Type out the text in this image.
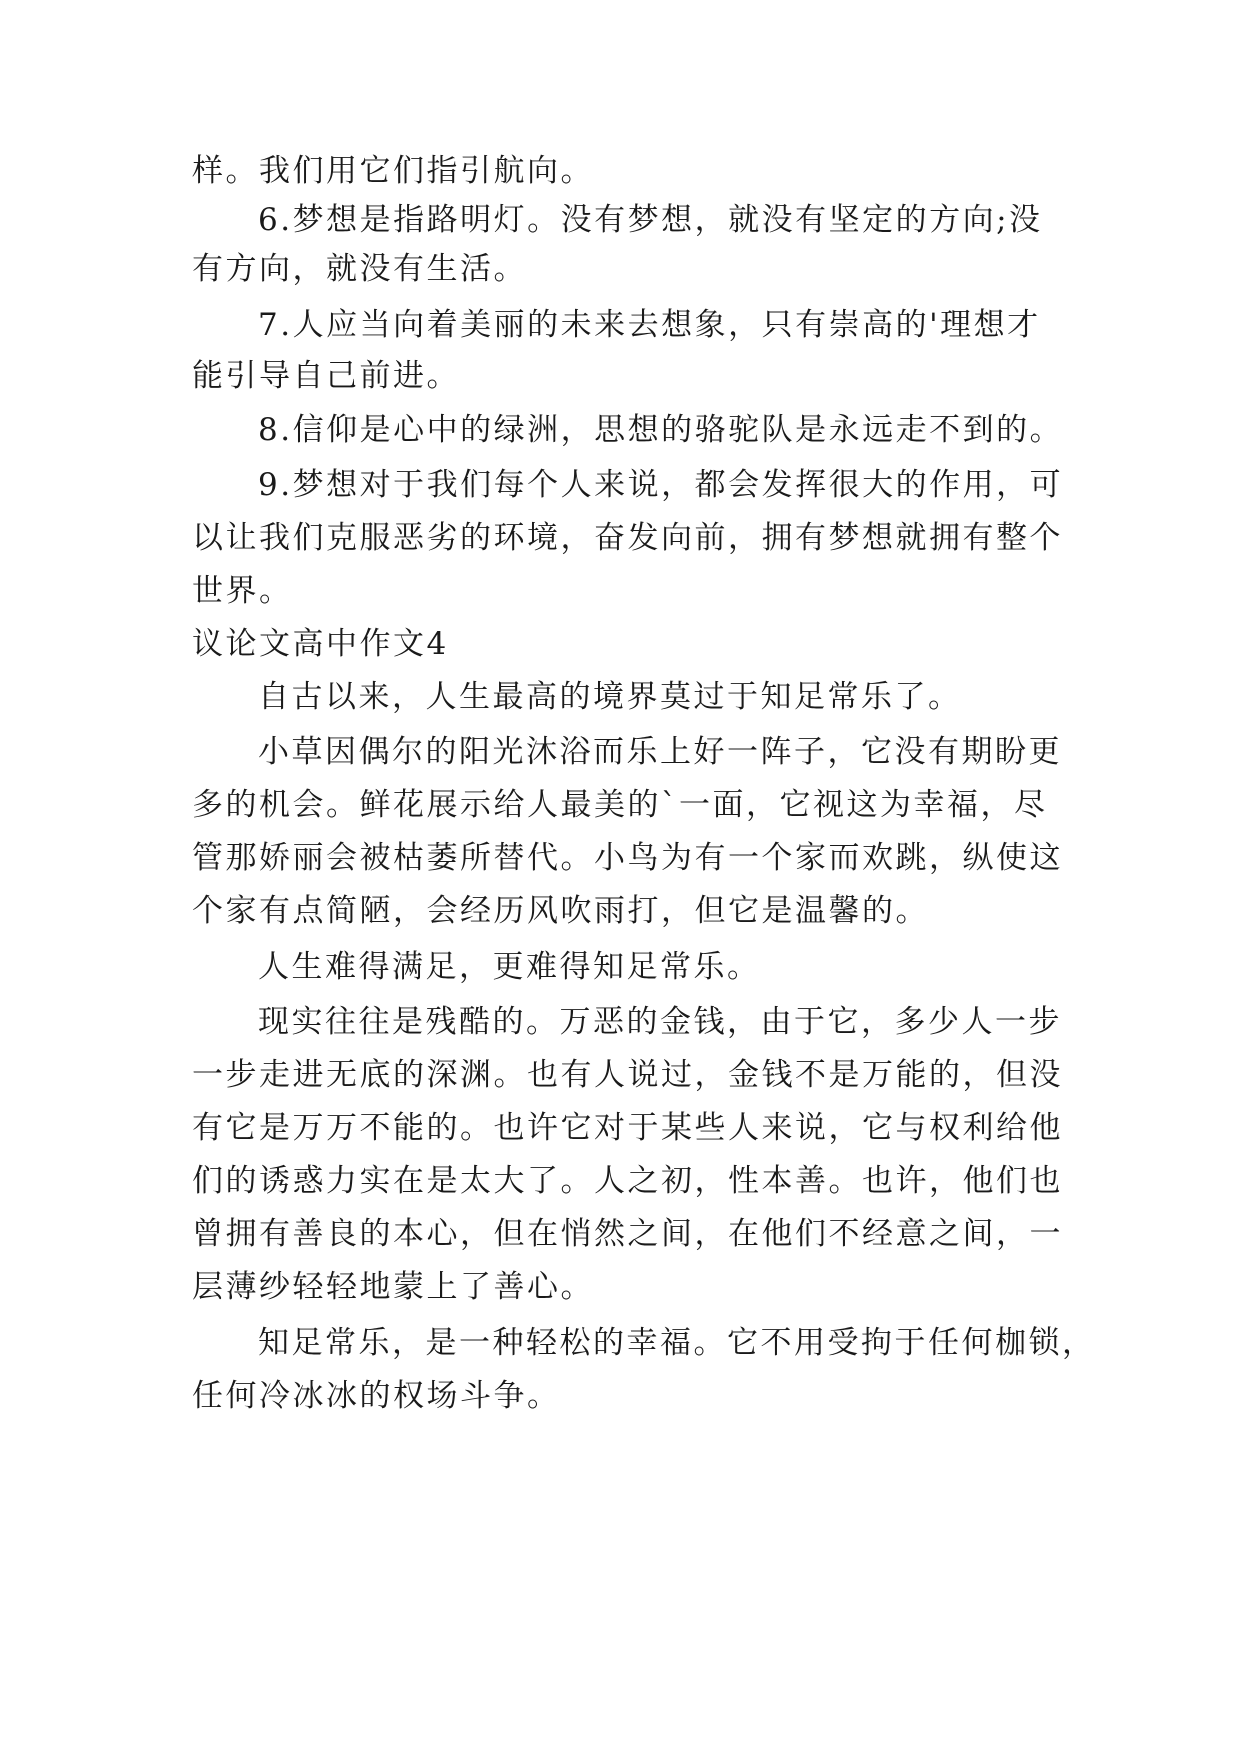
样。我们用它们指引航向。
6.梦想是指路明灯。没有梦想，就没有坚定的方向;没
有方向，就没有生活。
7.人应当向着美丽的未来去想象，只有崇高的'理想才
能引导自己前进。
8.信仰是心中的绿洲，思想的骆驼队是永远走不到的。
9.梦想对于我们每个人来说，都会发挥很大的作用，可
以让我们克服恶劣的环境，奋发向前，拥有梦想就拥有整个
世界。
议论文高中作文4
自古以来，人生最高的境界莫过于知足常乐了。
小草因偶尔的阳光沐浴而乐上好一阵子，它没有期盼更
多的机会。鲜花展示给人最美的`一面，它视这为幸福，尽
管那娇丽会被枯萎所替代。小鸟为有一个家而欢跳，纵使这
个家有点简陋，会经历风吹雨打，但它是温馨的。
人生难得满足，更难得知足常乐。
现实往往是残酷的。万恶的金钱，由于它，多少人一步
一步走进无底的深渊。也有人说过，金钱不是万能的，但没
有它是万万不能的。也许它对于某些人来说，它与权利给他
们的诱惑力实在是太大了。人之初，性本善。也许，他们也
曾拥有善良的本心，但在悄然之间，在他们不经意之间，一
层薄纱轻轻地蒙上了善心。
知足常乐，是一种轻松的幸福。它不用受拘于任何枷锁，
任何冷冰冰的权场斗争。
